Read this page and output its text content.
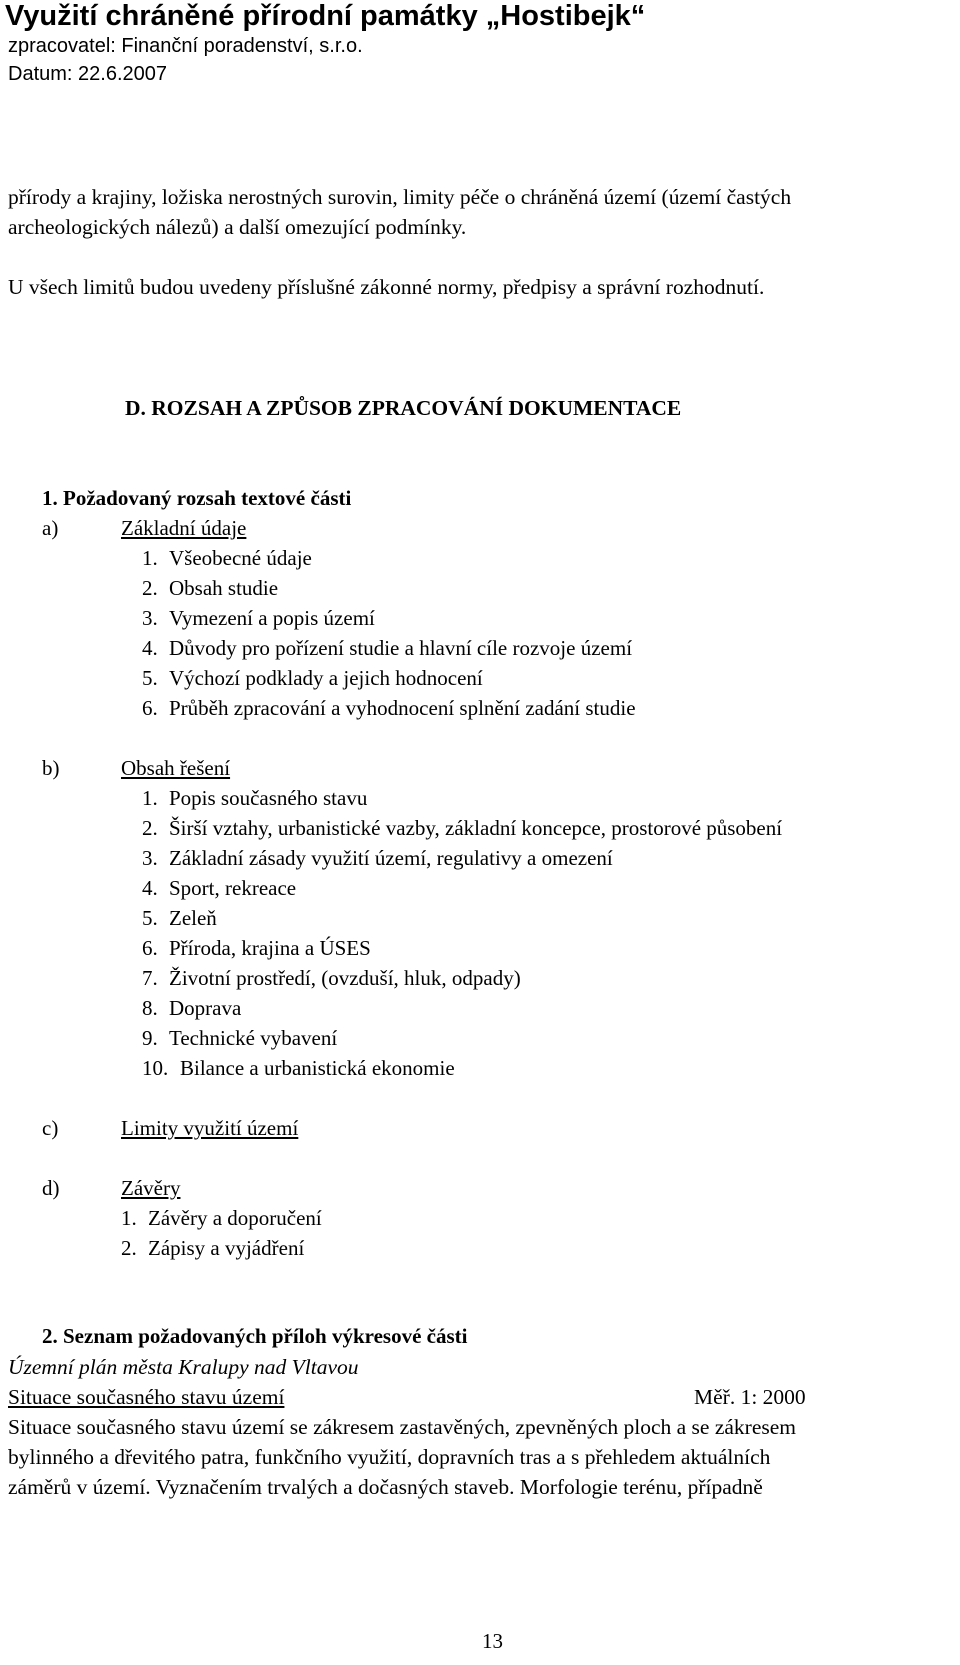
Využití chráněné přírodní památky „Hostibejk“
zpracovatel: Finanční poradenství, s.r.o.
Datum: 22.6.2007
přírody a krajiny, ložiska nerostných surovin, limity péče o chráněná území (území častých
archeologických nálezů) a další omezující podmínky.
U všech limitů budou uvedeny příslušné zákonné normy, předpisy a správní rozhodnutí.
D. ROZSAH A ZPŮSOB ZPRACOVÁNÍ DOKUMENTACE
1. Požadovaný rozsah textové části
a)	Základní údaje
1. Všeobecné údaje
2. Obsah studie
3. Vymezení a popis území
4. Důvody pro pořízení studie a hlavní cíle rozvoje území
5. Výchozí podklady a jejich hodnocení
6. Průběh zpracování a vyhodnocení splnění zadání studie
b)	Obsah řešení
1. Popis současného stavu
2. Širší vztahy, urbanistické vazby, základní koncepce, prostorové působení
3. Základní zásady využití území, regulativy a omezení
4. Sport, rekreace
5. Zeleň
6. Příroda, krajina a ÚSES
7. Životní prostředí, (ovzduší, hluk, odpady)
8. Doprava
9. Technické vybavení
10. Bilance a urbanistická ekonomie
c)	Limity využití území
d)	Závěry
1. Závěry a doporučení
2. Zápisy a vyjádření
2. Seznam požadovaných příloh výkresové části
Územní plán města Kralupy nad Vltavou
Situace současného stavu území	Měř. 1: 2000
Situace současného stavu území se zákresem zastavěných, zpevněných ploch a se zákresem
bylinného a dřevitého patra, funkčního využití, dopravních tras a s přehledem aktuálních
záměrů v území. Vyznačením trvalých a dočasných staveb. Morfologie terénu, případně
13
